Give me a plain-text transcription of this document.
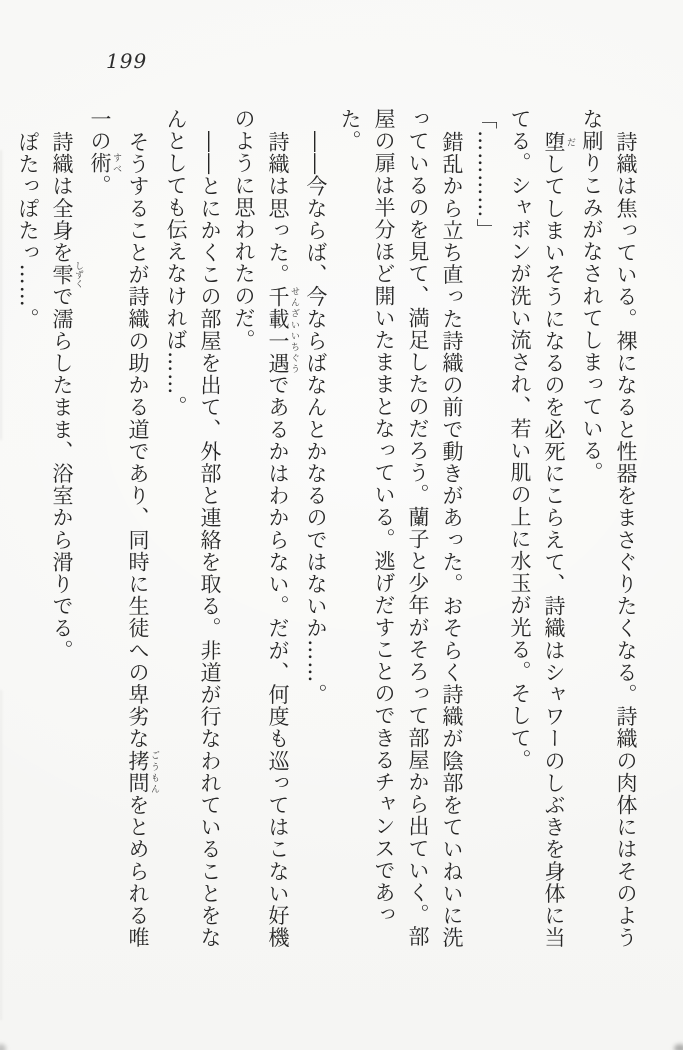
199
詩織は焦っている。裸になると性器をまさぐりたくなる。詩織の肉体にはそのよう
な刷りこみがなされてしまっている。
堕 だしてしまいそうになるのを必死にこらえて、詩織はシャワーのしぶきを身体に当
てる。シャボンが洗い流され、若い肌の上に水玉が光る。そして。
「…………」
錯乱から立ち直った詩織の前で動きがあった。おそらく詩織が陰部をていねいに洗
っているのを見て、満足したのだろう。蘭子と少年がそろって部屋から出ていく。部
屋の扉は半分ほど開いたままとなっている。逃げだすことのできるチャンスであった。
――今ならば、今ならばなんとかなるのではないか……。
詩織は思った。千載一遇 せんざいいちぐうであるかはわからない。だが、何度も巡ってはこない好機
のように思われたのだ。
――とにかくこの部屋を出て、外部と連絡を取る。非道が行なわれていることをな
んとしても伝えなければ……。
そうすることが詩織の助かる道であり、同時に生徒への卑劣な拷問 ごうもんをとめられる唯
一の術 すべ。
詩織は全身を雫 しずくで濡らしたまま、浴室から滑りでる。
ぽたっぽたっ……。
